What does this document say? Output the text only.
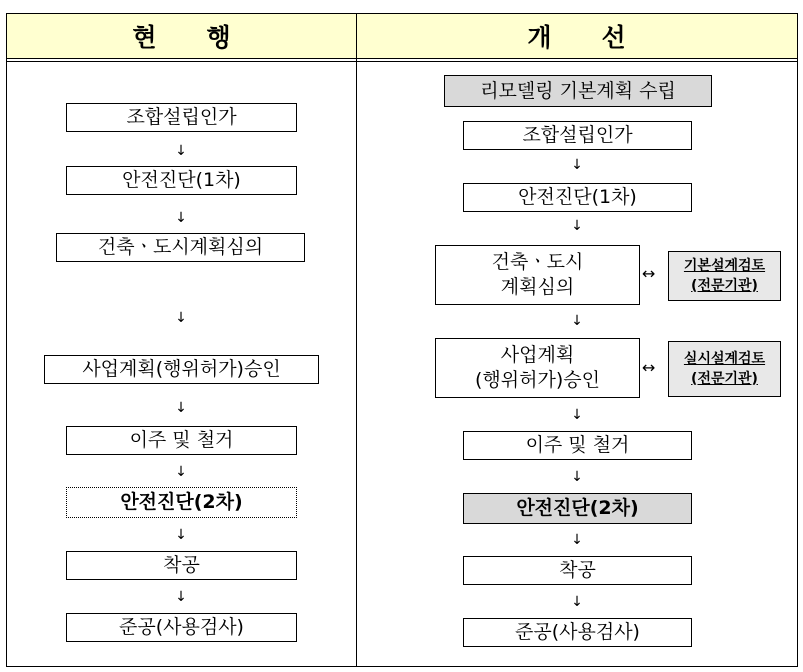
현　　행	개　　선
조합설립인가
↓
안전진단(1차)
↓
건축ㆍ도시계획심의
↓
사업계획(행위허가)승인
↓
이주 및 철거
↓
안전진단(2차)
↓
착공
↓
준공(사용검사)
리모델링 기본계획 수립
조합설립인가
↓
안전진단(1차)
↓
건축ㆍ도시
계획심의
↔ 기본설계검토
(전문기관)
↓
사업계획
(행위허가)승인
↔ 실시설계검토
(전문기관)
↓
이주 및 철거
↓
안전진단(2차)
↓
착공
↓
준공(사용검사)
